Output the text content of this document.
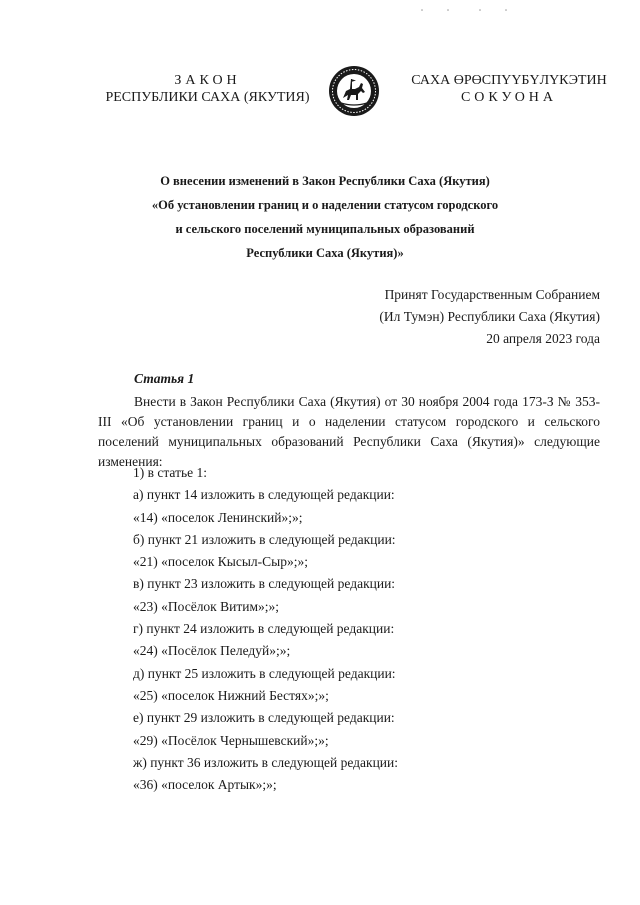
ЗАКОН
РЕСПУБЛИКИ САХА (ЯКУТИЯ)
САХА ӨРӨСПҮҮБҮЛҮКЭТИН
СОКУОНА
О внесении изменений в Закон Республики Саха (Якутия)
«Об установлении границ и о наделении статусом городского
и сельского поселений муниципальных образований
Республики Саха (Якутия)»
Принят Государственным Собранием
(Ил Тумэн) Республики Саха (Якутия)
20 апреля 2023 года
Статья 1

Внести в Закон Республики Саха (Якутия) от 30 ноября 2004 года 173-З № 353-III «Об установлении границ и о наделении статусом городского и сельского поселений муниципальных образований Республики Саха (Якутия)» следующие изменения:

1) в статье 1:
а) пункт 14 изложить в следующей редакции:
«14) «поселок Ленинский»;»;
б) пункт 21 изложить в следующей редакции:
«21) «поселок Кысыл-Сыр»;»;
в) пункт 23 изложить в следующей редакции:
«23) «Посёлок Витим»;»;
г) пункт 24 изложить в следующей редакции:
«24) «Посёлок Пеледуй»;»;
д) пункт 25 изложить в следующей редакции:
«25) «поселок Нижний Бестях»;»;
е) пункт 29 изложить в следующей редакции:
«29) «Посёлок Чернышевский»;»;
ж) пункт 36 изложить в следующей редакции:
«36) «поселок Артык»;»;
